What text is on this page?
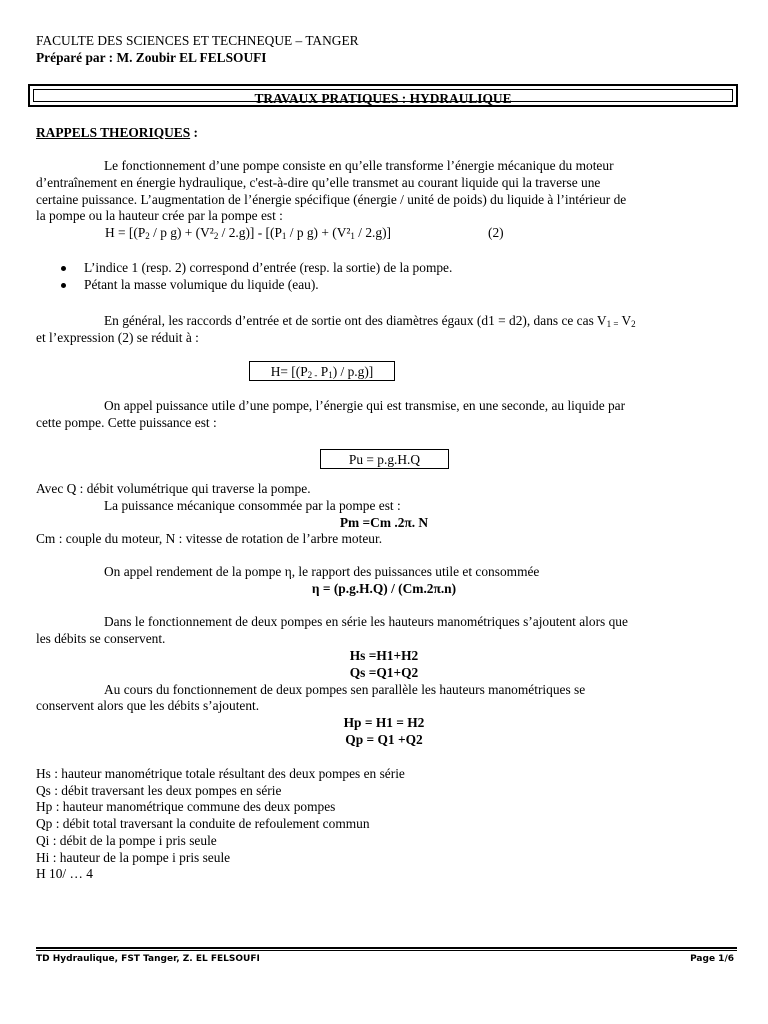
FACULTE DES SCIENCES ET TECHNEQUE – TANGER
Préparé par : M. Zoubir EL FELSOUFI
TRAVAUX PRATIQUES : HYDRAULIQUE
RAPPELS THEORIQUES :
Le fonctionnement d’une pompe consiste en qu’elle transforme l’énergie mécanique du moteur
d’entraînement en énergie hydraulique, c'est-à-dire qu’elle transmet au courant liquide qui la traverse une
certaine puissance. L’augmentation de l’énergie spécifique (énergie / unité de poids) du liquide à l’intérieur de
la pompe ou la hauteur crée par la pompe est :
$H = [(P_2 / p$ $g) + (V^2_2 / 2.g)] - [(P_1 / p$ $g) + (V^2_1 / 2.g)$]	(2)
L’indice 1 (resp. 2) correspond d’entrée (resp. la sortie) de la pompe.
Pétant la masse volumique du liquide (eau).
En général, les raccords d’entrée et de sortie ont des diamètres égaux (d1 = d2), dans ce cas $V_{1 =}$ $V_2$
et l’expression (2) se réduit à :
$H= [(P_{2 -}$ $P_1) / p.g$)]
On appel puissance utile d’une pompe, l’énergie qui est transmise, en une seconde, au liquide par
cette pompe. Cette puissance est :
Pu = p.g.H.Q
Avec Q : débit volumétrique qui traverse la pompe.
La puissance mécanique consommée par la pompe est :
Pm =Cm .2π. N
Cm : couple du moteur, N : vitesse de rotation de l’arbre moteur.
On appel rendement de la pompe η, le rapport des puissances utile et consommée
η = (p.g.H.Q) / (Cm.2π.n)
Dans le fonctionnement de deux pompes en série les hauteurs manométriques s’ajoutent alors que
les débits se conservent.
Hs =H1+H2
Qs =Q1+Q2
Au cours du fonctionnement de deux pompes sen parallèle les hauteurs manométriques se
conservent alors que les débits s’ajoutent.
Hp = H1 = H2
Qp = Q1 +Q2
Hs : hauteur manométrique totale résultant des deux pompes en série
Qs : débit traversant les deux pompes en série
Hp : hauteur manométrique commune des deux pompes
Qp : débit total traversant la conduite de refoulement commun
Qi : débit de la pompe i pris seule
Hi : hauteur de la pompe i pris seule
H 10/ … 4
TD Hydraulique, FST Tanger, Z. EL FELSOUFI	Page 1/6
